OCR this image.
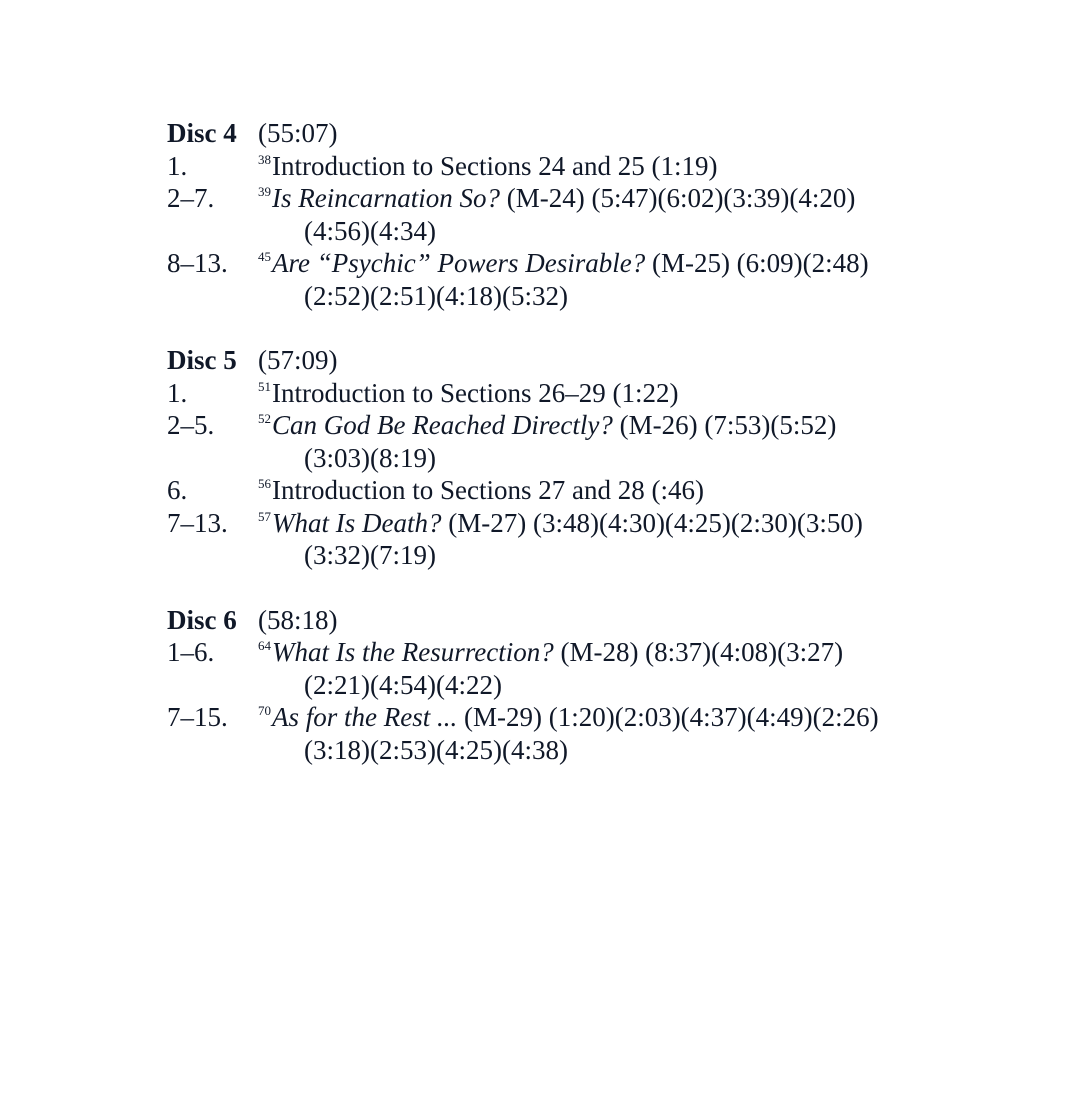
Disc 4 (55:07)
1.	$^{38}$Introduction to Sections 24 and 25 (1:19)
2–7.	$^{39}$Is Reincarnation So? (M-24) (5:47)(6:02)(3:39)(4:20)
(4:56)(4:34)
8–13.	$^{45}$Are “Psychic” Powers Desirable? (M-25) (6:09)(2:48)
(2:52)(2:51)(4:18)(5:32)
Disc 5 (57:09)
1.	$^{51}$Introduction to Sections 26–29 (1:22)
2–5.	$^{52}$Can God Be Reached Directly? (M-26) (7:53)(5:52)
(3:03)(8:19)
6.	$^{56}$Introduction to Sections 27 and 28 (:46)
7–13.	$^{57}$What Is Death? (M-27) (3:48)(4:30)(4:25)(2:30)(3:50)
(3:32)(7:19)
Disc 6 (58:18)
1–6.	$^{64}$What Is the Resurrection? (M-28) (8:37)(4:08)(3:27)
(2:21)(4:54)(4:22)
7–15.	$^{70}$As for the Rest ... (M-29) (1:20)(2:03)(4:37)(4:49)(2:26)
(3:18)(2:53)(4:25)(4:38)
